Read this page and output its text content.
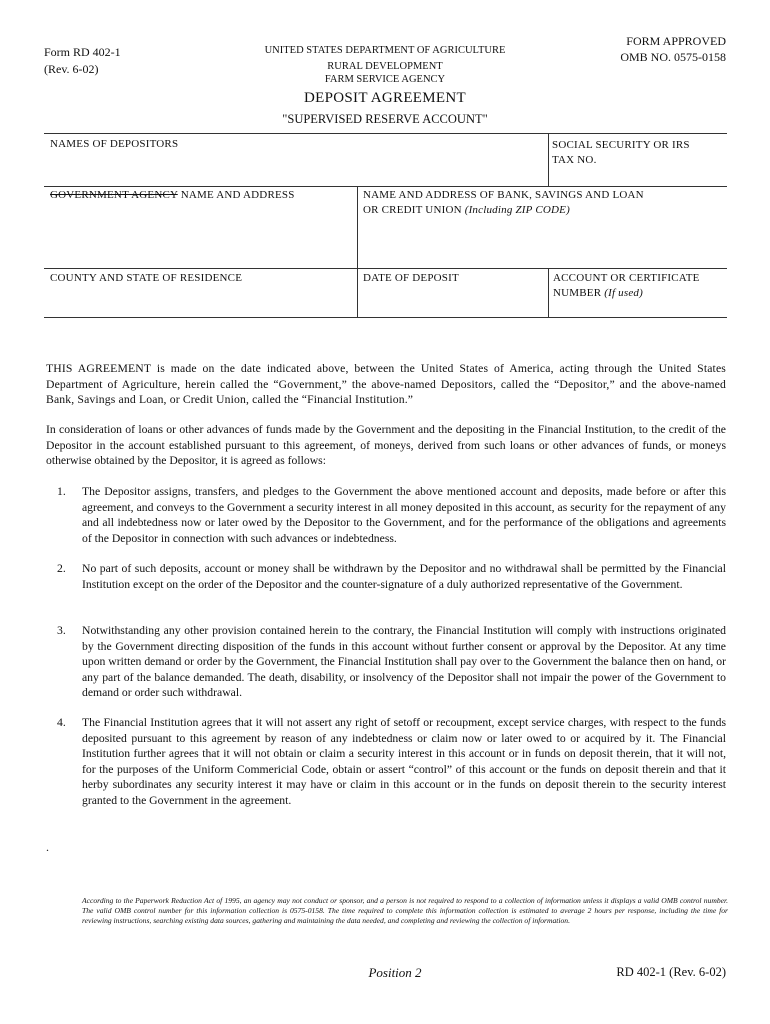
Form RD 402-1
(Rev. 6-02)
UNITED STATES DEPARTMENT OF AGRICULTURE
RURAL DEVELOPMENT
FARM SERVICE AGENCY
FORM APPROVED
OMB NO. 0575-0158
DEPOSIT AGREEMENT
"SUPERVISED RESERVE ACCOUNT"
NAMES OF DEPOSITORS	SOCIAL SECURITY OR IRS
TAX NO.
GOVERNMENT AGENCY NAME AND ADDRESS	NAME AND ADDRESS OF BANK, SAVINGS AND LOAN
OR CREDIT UNION (Including ZIP CODE)
COUNTY AND STATE OF RESIDENCE	DATE OF DEPOSIT	ACCOUNT OR CERTIFICATE
NUMBER (If used)
THIS AGREEMENT is made on the date indicated above, between the United States of America, acting through the United States Department of Agriculture, herein called the “Government,” the above-named Depositors, called the “Depositor,” and the above-named Bank, Savings and Loan, or Credit Union, called the “Financial Institution.”
In consideration of loans or other advances of funds made by the Government and the depositing in the Financial Institution, to the credit of the Depositor in the account established pursuant to this agreement, of moneys, derived from such loans or other advances of funds, or moneys otherwise obtained by the Depositor, it is agreed as follows:
1. The Depositor assigns, transfers, and pledges to the Government the above mentioned account and deposits, made before or after this agreement, and conveys to the Government a security interest in all money deposited in this account, as security for the repayment of any and all indebtedness now or later owed by the Depositor to the Government, and for the performance of the obligations and agreements of the Depositor in connection with such advances or indebtedness.
2. No part of such deposits, account or money shall be withdrawn by the Depositor and no withdrawal shall be permitted by the Financial Institution except on the order of the Depositor and the counter-signature of a duly authorized representative of the Government.
3. Notwithstanding any other provision contained herein to the contrary, the Financial Institution will comply with instructions originated by the Government directing disposition of the funds in this account without further consent or approval by the Depositor. At any time upon written demand or order by the Government, the Financial Institution shall pay over to the Government the balance then on hand, or any part of the balance demanded. The death, disability, or insolvency of the Depositor shall not impair the power of the Government to demand or order such withdrawal.
4. The Financial Institution agrees that it will not assert any right of setoff or recoupment, except service charges, with respect to the funds deposited pursuant to this agreement by reason of any indebtedness or claim now or later owed to or acquired by it. The Financial Institution further agrees that it will not obtain or claim a security interest in this account or in funds on deposit therein, that it will not, for the purposes of the Uniform Commericial Code, obtain or assert “control” of this account or the funds on deposit therein and that it herby subordinates any security interest it may have or claim in this account or in the funds on deposit therein to the security interest granted to the Government in the agreement.
.
According to the Paperwork Reduction Act of 1995, an agency may not conduct or sponsor, and a person is not required to respond to a collection of information unless it displays a valid OMB control number. The valid OMB control number for this information collection is 0575-0158. The time required to complete this information collection is estimated to average 2 hours per response, including the time for reviewing instructions, searching existing data sources, gathering and maintaining the data needed, and completing and reviewing the collection of information.
Position 2	RD 402-1 (Rev. 6-02)
